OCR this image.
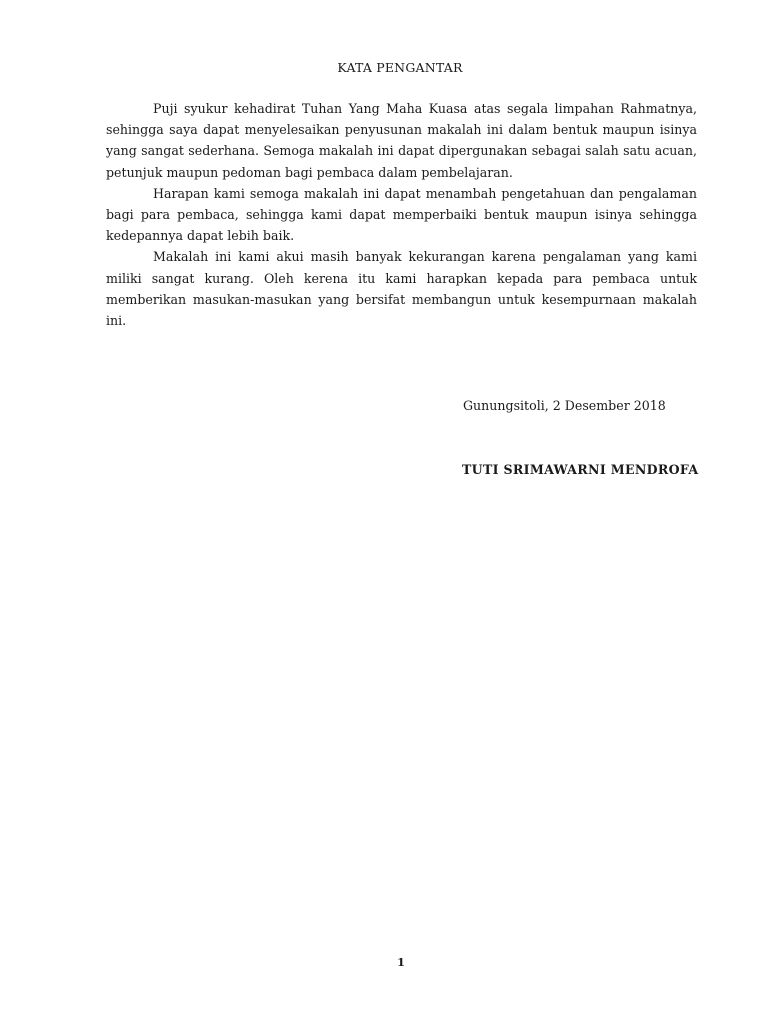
KATA PENGANTAR

Puji syukur kehadirat Tuhan Yang Maha Kuasa atas segala limpahan Rahmatnya, sehingga saya dapat menyelesaikan penyusunan makalah ini dalam bentuk maupun isinya yang sangat sederhana. Semoga makalah ini dapat dipergunakan sebagai salah satu acuan, petunjuk maupun pedoman bagi pembaca dalam pembelajaran.

Harapan kami semoga makalah ini dapat menambah pengetahuan dan pengalaman bagi para pembaca, sehingga kami dapat memperbaiki bentuk maupun isinya sehingga kedepannya dapat lebih baik.

Makalah ini kami akui masih banyak kekurangan karena pengalaman yang kami miliki sangat kurang. Oleh kerena itu kami harapkan kepada para pembaca untuk memberikan masukan-masukan yang bersifat membangun untuk kesempurnaan makalah ini.

Gunungsitoli, 2 Desember 2018
TUTI SRIMAWARNI MENDROFA
1
